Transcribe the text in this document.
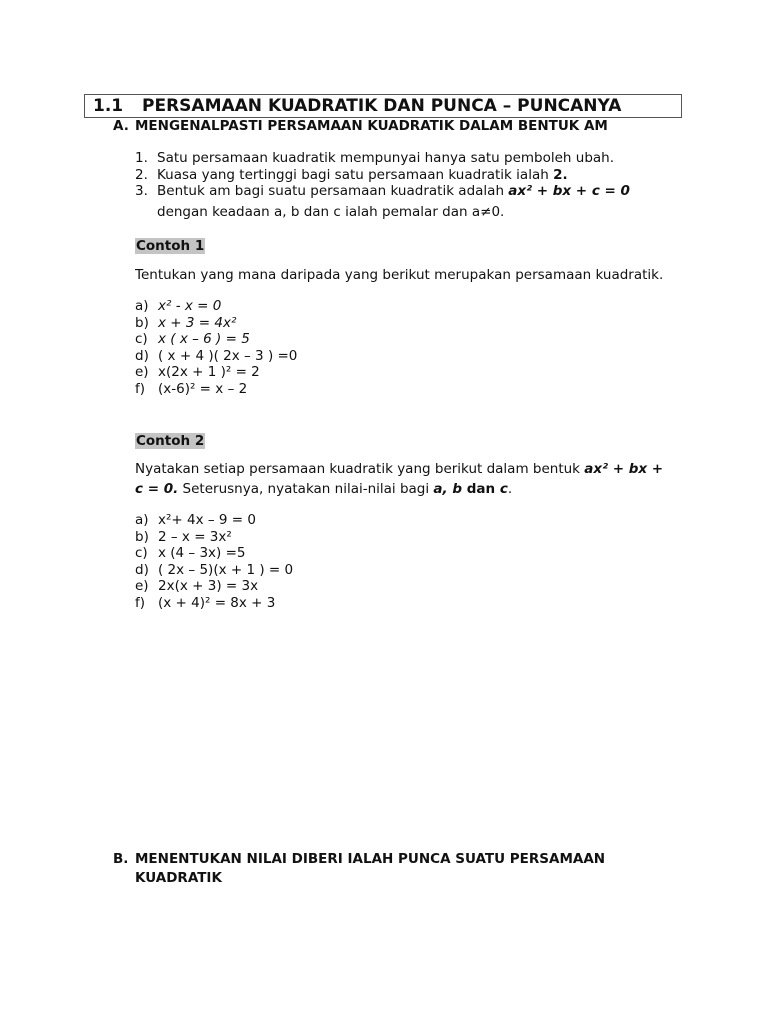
1.1 PERSAMAAN KUADRATIK DAN PUNCA – PUNCANYA
A. MENGENALPASTI PERSAMAAN KUADRATIK DALAM BENTUK AM
1. Satu persamaan kuadratik mempunyai hanya satu pemboleh ubah.
2. Kuasa yang tertinggi bagi satu persamaan kuadratik ialah 2.
3. Bentuk am bagi suatu persamaan kuadratik adalah ax² + bx + c = 0
dengan keadaan a, b dan c ialah pemalar dan a≠0.
Contoh 1
Tentukan yang mana daripada yang berikut merupakan persamaan kuadratik.
a) x² - x = 0
b) x + 3 = 4x²
c) x ( x – 6 ) = 5
d) ( x + 4 )( 2x – 3 ) =0
e) x(2x + 1 )² = 2
f) (x-6)² = x – 2
Contoh 2
Nyatakan setiap persamaan kuadratik yang berikut dalam bentuk ax² + bx +
c = 0. Seterusnya, nyatakan nilai-nilai bagi a, b dan c.
a) x²+ 4x – 9 = 0
b) 2 – x = 3x²
c) x (4 – 3x) =5
d) ( 2x – 5)(x + 1 ) = 0
e) 2x(x + 3) = 3x
f) (x + 4)² = 8x + 3
B. MENENTUKAN NILAI DIBERI IALAH PUNCA SUATU PERSAMAAN
KUADRATIK
